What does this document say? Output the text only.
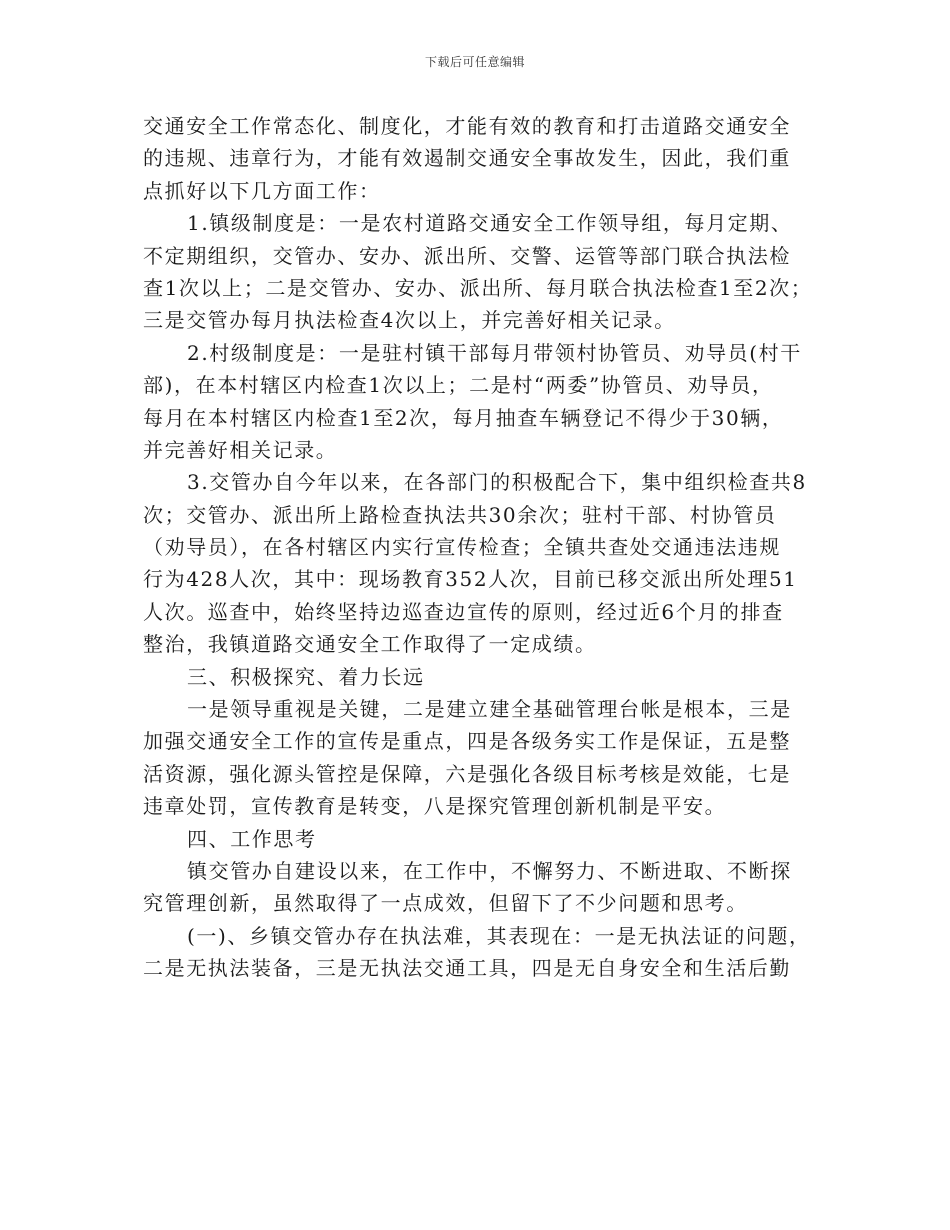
下载后可任意编辑
交通安全工作常态化、制度化，才能有效的教育和打击道路交通安全
的违规、违章行为，才能有效遏制交通安全事故发生，因此，我们重
点抓好以下几方面工作：
1.镇级制度是：一是农村道路交通安全工作领导组，每月定期、
不定期组织，交管办、安办、派出所、交警、运管等部门联合执法检
查1次以上；二是交管办、安办、派出所、每月联合执法检查1至2次；
三是交管办每月执法检查4次以上，并完善好相关记录。
2.村级制度是：一是驻村镇干部每月带领村协管员、劝导员(村干
部)，在本村辖区内检查1次以上；二是村“两委”协管员、劝导员，
每月在本村辖区内检查1至2次，每月抽查车辆登记不得少于30辆，
并完善好相关记录。
3.交管办自今年以来，在各部门的积极配合下，集中组织检查共8
次；交管办、派出所上路检查执法共30余次；驻村干部、村协管员
（劝导员），在各村辖区内实行宣传检查；全镇共查处交通违法违规
行为428人次，其中：现场教育352人次，目前已移交派出所处理51
人次。巡查中，始终坚持边巡查边宣传的原则，经过近6个月的排查
整治，我镇道路交通安全工作取得了一定成绩。
三、积极探究、着力长远
一是领导重视是关键，二是建立建全基础管理台帐是根本，三是
加强交通安全工作的宣传是重点，四是各级务实工作是保证，五是整
活资源，强化源头管控是保障，六是强化各级目标考核是效能，七是
违章处罚，宣传教育是转变，八是探究管理创新机制是平安。
四、工作思考
镇交管办自建设以来，在工作中，不懈努力、不断进取、不断探
究管理创新，虽然取得了一点成效，但留下了不少问题和思考。
(一)、乡镇交管办存在执法难，其表现在：一是无执法证的问题，
二是无执法装备，三是无执法交通工具，四是无自身安全和生活后勤
